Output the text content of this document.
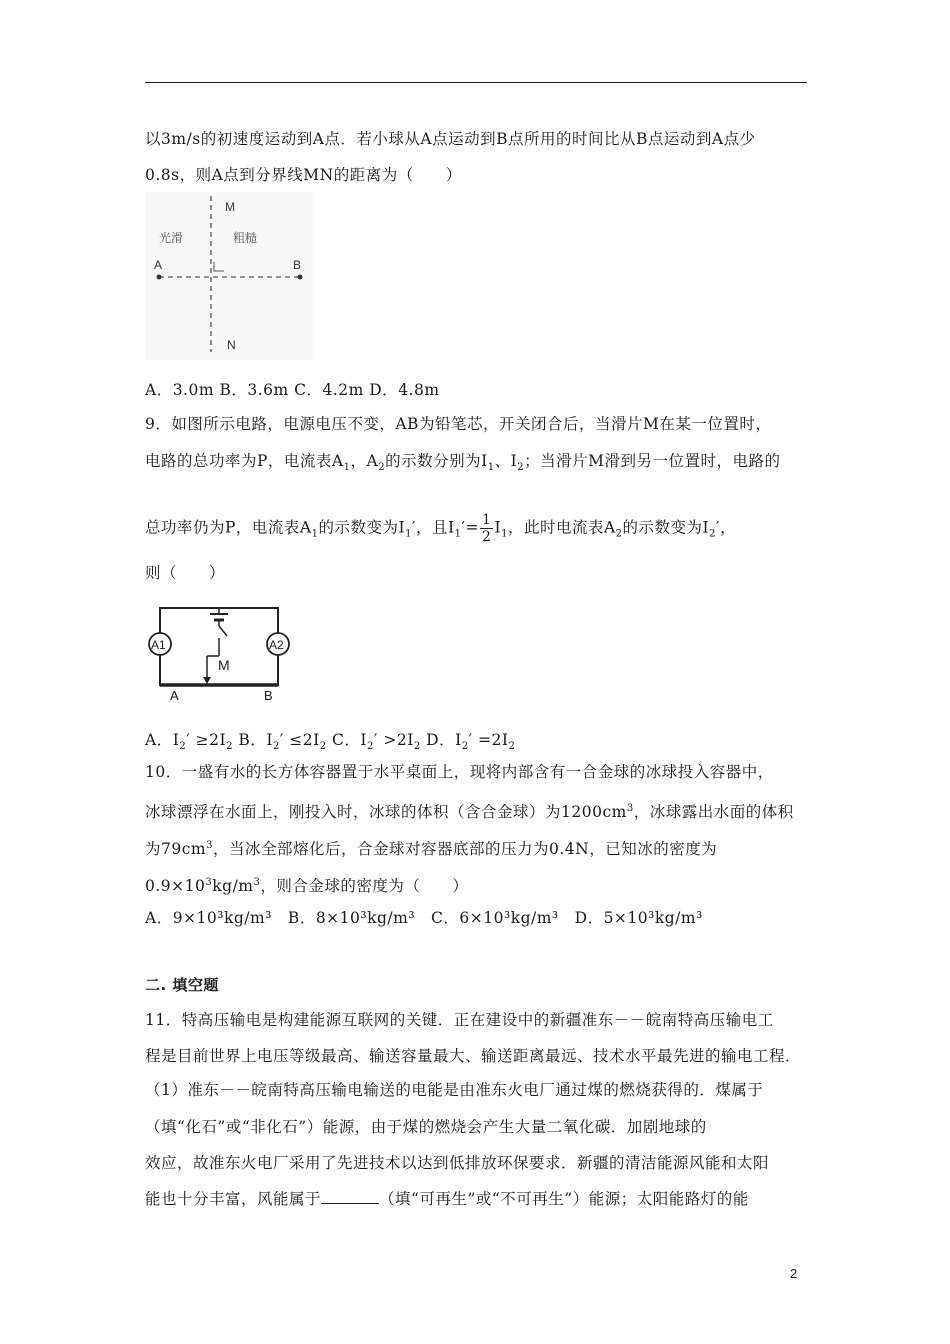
以3m/s的初速度运动到A点．若小球从A点运动到B点所用的时间比从B点运动到A点少
0.8s，则A点到分界线MN的距离为（　　）
光滑	粗糙
M
A	B
N
A．3.0m B．3.6m C．4.2m D．4.8m
9．如图所示电路，电源电压不变，AB为铅笔芯，开关闭合后，当滑片M在某一位置时，
电路的总功率为P，电流表$A_1$，$A_2$的示数分别为$I_1$、$I_2$；当滑片M滑到另一位置时，电路的
总功率仍为P，电流表$A_1$的示数变为$I_1'$，且$I_1'= \frac{1}{2} I_1$，此时电流表$A_2$的示数变为$I_2'$，
则（　　）
A1	A2
M
A	B
A．$I_2' \ge 2I_2$ B．$I_2' \le 2I_2$ C．$I_2' >2I_2$ D．$I_2' =2I_2$
10．一盛有水的长方体容器置于水平桌面上，现将内部含有一合金球的冰球投入容器中，
冰球漂浮在水面上，刚投入时，冰球的体积（含合金球）为$1200cm^3$，冰球露出水面的体积
为$79cm^3$，当冰全部熔化后，合金球对容器底部的压力为0.4N，已知冰的密度为
$0.9\times 10^3kg/m^3$，则合金球的密度为（　　）
A．9×10³kg/m³　B．8×10³kg/m³　C．6×10³kg/m³　D．5×10³kg/m³
二. 填空题
11．特高压输电是构建能源互联网的关键．正在建设中的新疆准东－－皖南特高压输电工
程是目前世界上电压等级最高、输送容量最大、输送距离最远、技术水平最先进的输电工程．
（1）准东－－皖南特高压输电输送的电能是由准东火电厂通过煤的燃烧获得的．煤属于
（填“化石”或“非化石”）能源，由于煤的燃烧会产生大量二氧化碳．加剧地球的
效应，故准东火电厂采用了先进技术以达到低排放环保要求．新疆的清洁能源风能和太阳
能也十分丰富，风能属于	（填“可再生”或“不可再生”）能源；太阳能路灯的能
2
